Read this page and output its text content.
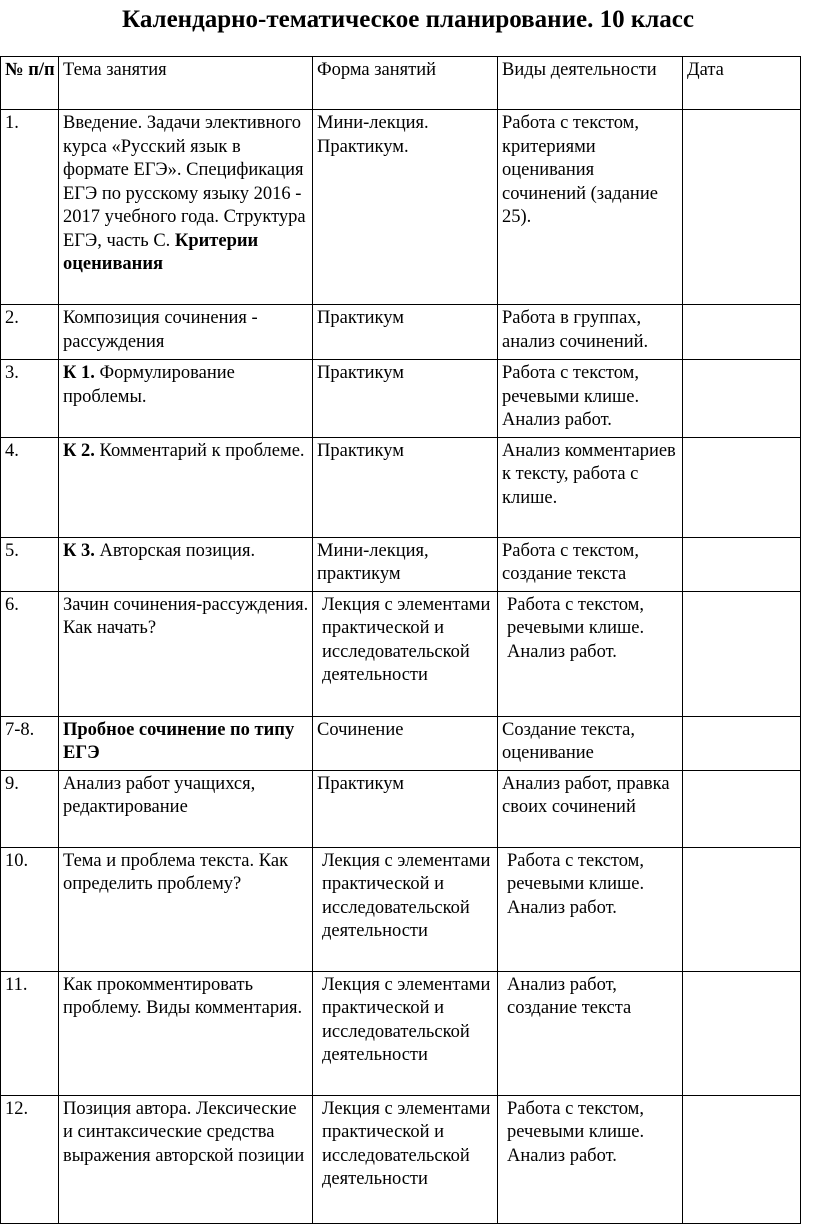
Календарно-тематическое планирование. 10 класс
№ п/п	Тема занятия	Форма занятий	Виды деятельности	Дата
1.	Введение. Задачи элективного курса «Русский язык в формате ЕГЭ». Спецификация ЕГЭ по русскому языку 2016 - 2017 учебного года. Структура ЕГЭ, часть С. Критерии оценивания	Мини-лекция. Практикум.	Работа с текстом, критериями оценивания сочинений (задание 25).	
2.	Композиция сочинения - рассуждения	Практикум	Работа в группах, анализ сочинений.	
3.	К 1. Формулирование проблемы.	Практикум	Работа с текстом, речевыми клише. Анализ работ.	
4.	К 2. Комментарий к проблеме.	Практикум	Анализ комментариев к тексту, работа с клише.	
5.	К 3. Авторская позиция.	Мини-лекция, практикум	Работа с текстом, создание текста	
6.	Зачин сочинения-рассуждения. Как начать?	Лекция с элементами практической и исследовательской деятельности	Работа с текстом, речевыми клише. Анализ работ.	
7-8.	Пробное сочинение по типу ЕГЭ	Сочинение	Создание текста, оценивание	
9.	Анализ работ учащихся, редактирование	Практикум	Анализ работ, правка своих сочинений	
10.	Тема и проблема текста. Как определить проблему?	Лекция с элементами практической и исследовательской деятельности	Работа с текстом, речевыми клише. Анализ работ.	
11.	Как прокомментировать проблему. Виды комментария.	Лекция с элементами практической и исследовательской деятельности	Анализ работ, создание текста	
12.	Позиция автора. Лексические и синтаксические средства выражения авторской позиции	Лекция с элементами практической и исследовательской деятельности	Работа с текстом, речевыми клише. Анализ работ.	
